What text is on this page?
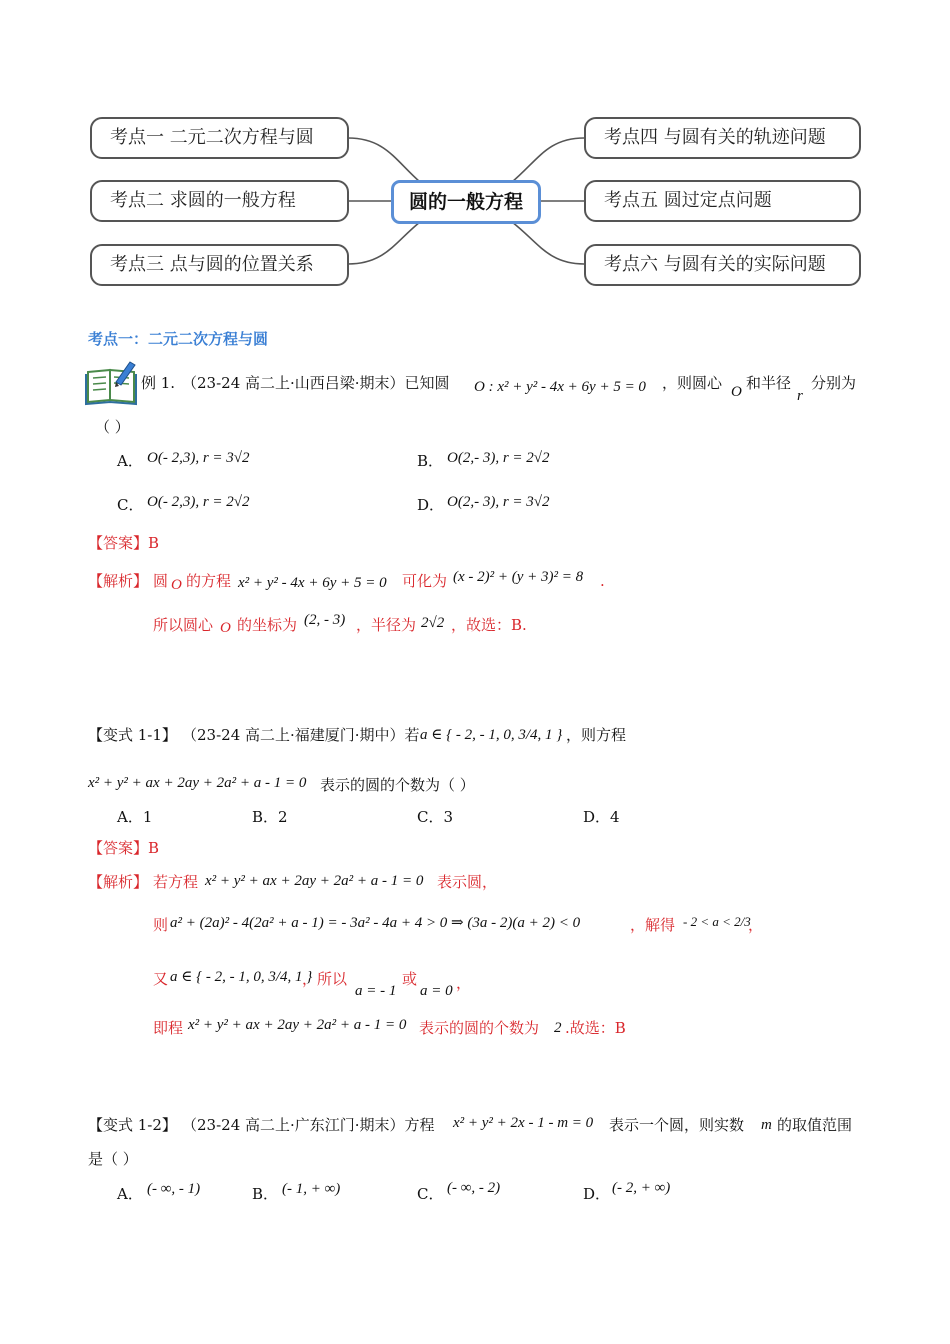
考点一 二元二次方程与圆
考点二 求圆的一般方程
考点三 点与圆的位置关系
圆的一般方程
考点四 与圆有关的轨迹问题
考点五 圆过定点问题
考点六 与圆有关的实际问题
考点一：二元二次方程与圆
例 1. （23-24 高二上·山西吕梁·期末）已知圆 O : x² + y² - 4x + 6y + 5 = 0 ，则圆心 O 和半径
r
分别为
（ ）
A． O(- 2,3), r = 3√2	B． O(2,- 3), r = 2√2
C． O(- 2,3), r = 2√2	D． O(2,- 3), r = 3√2
【答案】B
【解析】 圆 O 的方程 x² + y² - 4x + 6y + 5 = 0 可化为 (x - 2)² + (y + 3)² = 8 .
所以圆心 O 的坐标为 (2, - 3) ，半径为 2√2 ，故选：B.
【变式 1-1】 （23-24 高二上·福建厦门·期中）若 a ∈ { - 2, - 1, 0, 3/4, 1 } ，则方程
x² + y² + ax + 2ay + 2a² + a - 1 = 0 表示的圆的个数为（ ）
A．1	B．2	C．3	D．4
【答案】B
【解析】 若方程 x² + y² + ax + 2ay + 2a² + a - 1 = 0 表示圆，
则 a² + (2a)² - 4(2a² + a - 1) = - 3a² - 4a + 4 > 0 ⇒ (3a - 2)(a + 2) < 0	，解得 - 2 < a < 2/3
，
又 a ∈ { - 2, - 1, 0, 3/4, 1 }
，所以
a = - 1
或
a = 0 ，
即程 x² + y² + ax + 2ay + 2a² + a - 1 = 0 表示的圆的个数为 2 .故选：B
【变式 1-2】 （23-24 高二上·广东江门·期末）方程 x² + y² + 2x - 1 - m = 0 表示一个圆，则实数 m 的取值范围
是（ ）
A． (- ∞, - 1)	B． (- 1, + ∞)	C． (- ∞, - 2)	D． (- 2, + ∞)
